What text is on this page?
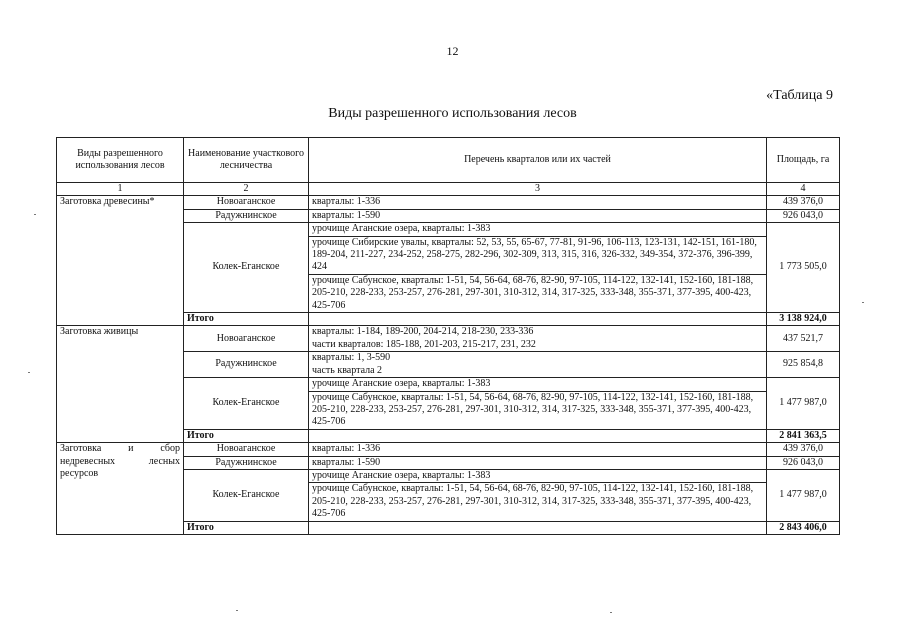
12
«Таблица 9
Виды разрешенного использования лесов
Виды разрешенного использования лесов	Наименование участкового лесничества	Перечень кварталов или их частей	Площадь, га
1	2	3	4
Заготовка древесины*	Новоаганское	кварталы: 1-336	439 376,0
	Радужнинское	кварталы: 1-590	926 043,0
	Колек-Еганское	урочище Аганские озера, кварталы: 1-383
урочище Сибирские увалы, кварталы: 52, 53, 55, 65-67, 77-81, 91-96, 106-113, 123-131, 142-151, 161-180, 189-204, 211-227, 234-252, 258-275, 282-296, 302-309, 313, 315, 316, 326-332, 349-354, 372-376, 396-399, 424
урочище Сабунское, кварталы: 1-51, 54, 56-64, 68-76, 82-90, 97-105, 114-122, 132-141, 152-160, 181-188, 205-210, 228-233, 253-257, 276-281, 297-301, 310-312, 314, 317-325, 333-348, 355-371, 377-395, 400-423, 425-706	1 773 505,0
	Итого		3 138 924,0
Заготовка живицы	Новоаганское	кварталы: 1-184, 189-200, 204-214, 218-230, 233-336
части кварталов: 185-188, 201-203, 215-217, 231, 232	437 521,7
	Радужнинское	кварталы: 1, 3-590
часть квартала 2	925 854,8
	Колек-Еганское	урочище Аганские озера, кварталы: 1-383
урочище Сабунское, кварталы: 1-51, 54, 56-64, 68-76, 82-90, 97-105, 114-122, 132-141, 152-160, 181-188, 205-210, 228-233, 253-257, 276-281, 297-301, 310-312, 314, 317-325, 333-348, 355-371, 377-395, 400-423, 425-706	1 477 987,0
	Итого		2 841 363,5
Заготовка и сбор недревесных лесных ресурсов	Новоаганское	кварталы: 1-336	439 376,0
	Радужнинское	кварталы: 1-590	926 043,0
	Колек-Еганское	урочище Аганские озера, кварталы: 1-383
урочище Сабунское, кварталы: 1-51, 54, 56-64, 68-76, 82-90, 97-105, 114-122, 132-141, 152-160, 181-188, 205-210, 228-233, 253-257, 276-281, 297-301, 310-312, 314, 317-325, 333-348, 355-371, 377-395, 400-423, 425-706	1 477 987,0
	Итого		2 843 406,0
